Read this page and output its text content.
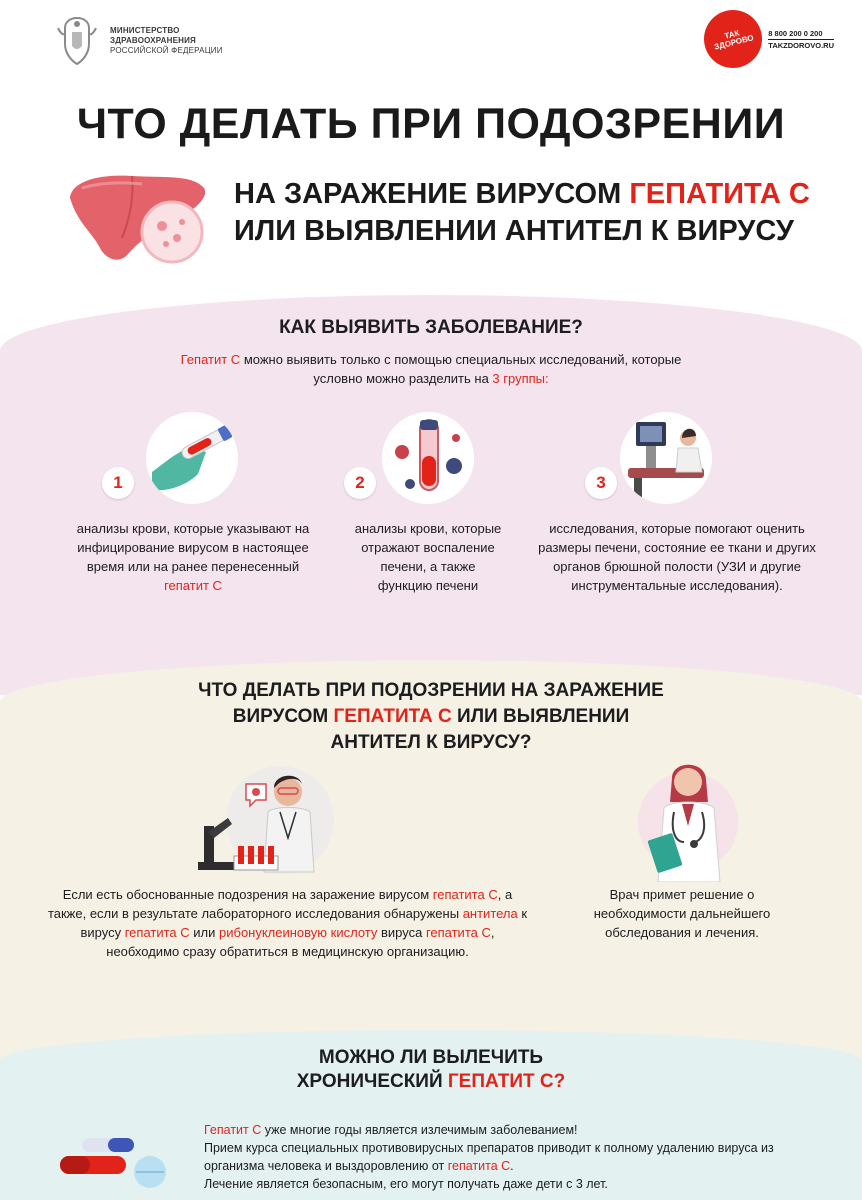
МИНИСТЕРСТВО
ЗДРАВООХРАНЕНИЯ
РОССИЙСКОЙ ФЕДЕРАЦИИ
ТАК ЗДОРОВО
8 800 200 0 200
TAKZDOROVO.RU
ЧТО ДЕЛАТЬ ПРИ ПОДОЗРЕНИИ
НА ЗАРАЖЕНИЕ ВИРУСОМ ГЕПАТИТА С
ИЛИ ВЫЯВЛЕНИИ АНТИТЕЛ К ВИРУСУ
КАК ВЫЯВИТЬ ЗАБОЛЕВАНИЕ?
Гепатит С можно выявить только с помощью специальных исследований, которые условно можно разделить на 3 группы:
1	2	3
анализы крови, которые указывают на инфицирование вирусом в настоящее время или на ранее перенесенный
гепатит С
анализы крови, которые отражают воспаление печени, а также функцию печени
исследования, которые помогают оценить размеры печени, состояние ее ткани и других органов брюшной полости (УЗИ и другие инструментальные исследования).
ЧТО ДЕЛАТЬ ПРИ ПОДОЗРЕНИИ НА ЗАРАЖЕНИЕ
ВИРУСОМ ГЕПАТИТА С ИЛИ ВЫЯВЛЕНИИ
АНТИТЕЛ К ВИРУСУ?
Если есть обоснованные подозрения на заражение вирусом гепатита С, а также, если в результате лабораторного исследования обнаружены антитела к вирусу гепатита С или рибонуклеиновую кислоту вируса гепатита С, необходимо сразу обратиться в медицинскую организацию.
Врач примет решение о необходимости дальнейшего обследования и лечения.
МОЖНО ЛИ ВЫЛЕЧИТЬ
ХРОНИЧЕСКИЙ ГЕПАТИТ С?
Гепатит С уже многие годы является излечимым заболеванием!
Прием курса специальных противовирусных препаратов приводит к полному удалению вируса из организма человека и выздоровлению от гепатита С.
Лечение является безопасным, его могут получать даже дети с 3 лет.
